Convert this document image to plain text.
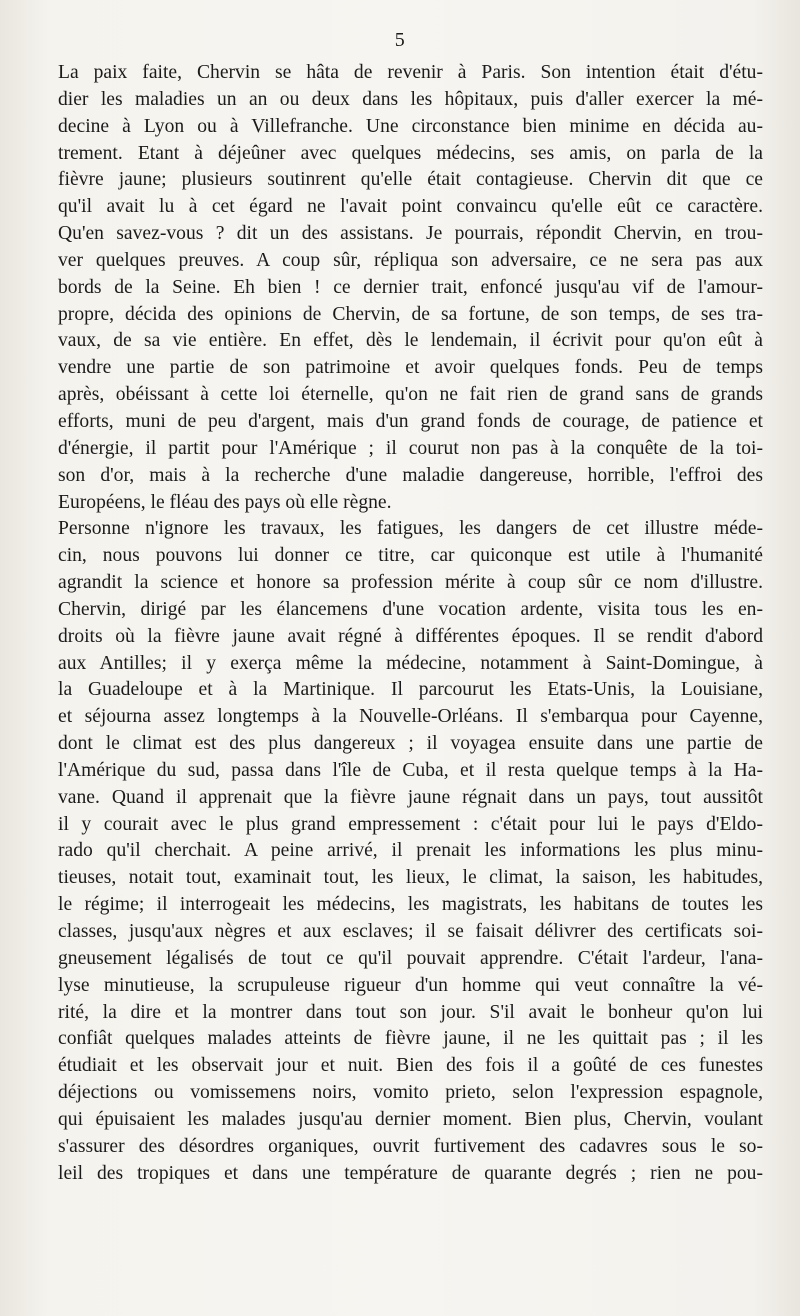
5
La paix faite, Chervin se hâta de revenir à Paris. Son intention était d'étu-
dier les maladies un an ou deux dans les hôpitaux, puis d'aller exercer la mé-
decine à Lyon ou à Villefranche. Une circonstance bien minime en décida au-
trement. Etant à déjeûner avec quelques médecins, ses amis, on parla de la
fièvre jaune; plusieurs soutinrent qu'elle était contagieuse. Chervin dit que ce
qu'il avait lu à cet égard ne l'avait point convaincu qu'elle eût ce caractère.
Qu'en savez-vous ? dit un des assistans. Je pourrais, répondit Chervin, en trou-
ver quelques preuves. A coup sûr, répliqua son adversaire, ce ne sera pas aux
bords de la Seine. Eh bien ! ce dernier trait, enfoncé jusqu'au vif de l'amour-
propre, décida des opinions de Chervin, de sa fortune, de son temps, de ses tra-
vaux, de sa vie entière. En effet, dès le lendemain, il écrivit pour qu'on eût à
vendre une partie de son patrimoine et avoir quelques fonds. Peu de temps
après, obéissant à cette loi éternelle, qu'on ne fait rien de grand sans de grands
efforts, muni de peu d'argent, mais d'un grand fonds de courage, de patience et
d'énergie, il partit pour l'Amérique ; il courut non pas à la conquête de la toi-
son d'or, mais à la recherche d'une maladie dangereuse, horrible, l'effroi des
Européens, le fléau des pays où elle règne.
Personne n'ignore les travaux, les fatigues, les dangers de cet illustre méde-
cin, nous pouvons lui donner ce titre, car quiconque est utile à l'humanité
agrandit la science et honore sa profession mérite à coup sûr ce nom d'illustre.
Chervin, dirigé par les élancemens d'une vocation ardente, visita tous les en-
droits où la fièvre jaune avait régné à différentes époques. Il se rendit d'abord
aux Antilles; il y exerça même la médecine, notamment à Saint-Domingue, à
la Guadeloupe et à la Martinique. Il parcourut les Etats-Unis, la Louisiane,
et séjourna assez longtemps à la Nouvelle-Orléans. Il s'embarqua pour Cayenne,
dont le climat est des plus dangereux ; il voyagea ensuite dans une partie de
l'Amérique du sud, passa dans l'île de Cuba, et il resta quelque temps à la Ha-
vane. Quand il apprenait que la fièvre jaune régnait dans un pays, tout aussitôt
il y courait avec le plus grand empressement : c'était pour lui le pays d'Eldo-
rado qu'il cherchait. A peine arrivé, il prenait les informations les plus minu-
tieuses, notait tout, examinait tout, les lieux, le climat, la saison, les habitudes,
le régime; il interrogeait les médecins, les magistrats, les habitans de toutes les
classes, jusqu'aux nègres et aux esclaves; il se faisait délivrer des certificats soi-
gneusement légalisés de tout ce qu'il pouvait apprendre. C'était l'ardeur, l'ana-
lyse minutieuse, la scrupuleuse rigueur d'un homme qui veut connaître la vé-
rité, la dire et la montrer dans tout son jour. S'il avait le bonheur qu'on lui
confiât quelques malades atteints de fièvre jaune, il ne les quittait pas ; il les
étudiait et les observait jour et nuit. Bien des fois il a goûté de ces funestes
déjections ou vomissemens noirs, vomito prieto, selon l'expression espagnole,
qui épuisaient les malades jusqu'au dernier moment. Bien plus, Chervin, voulant
s'assurer des désordres organiques, ouvrit furtivement des cadavres sous le so-
leil des tropiques et dans une température de quarante degrés ; rien ne pou-
